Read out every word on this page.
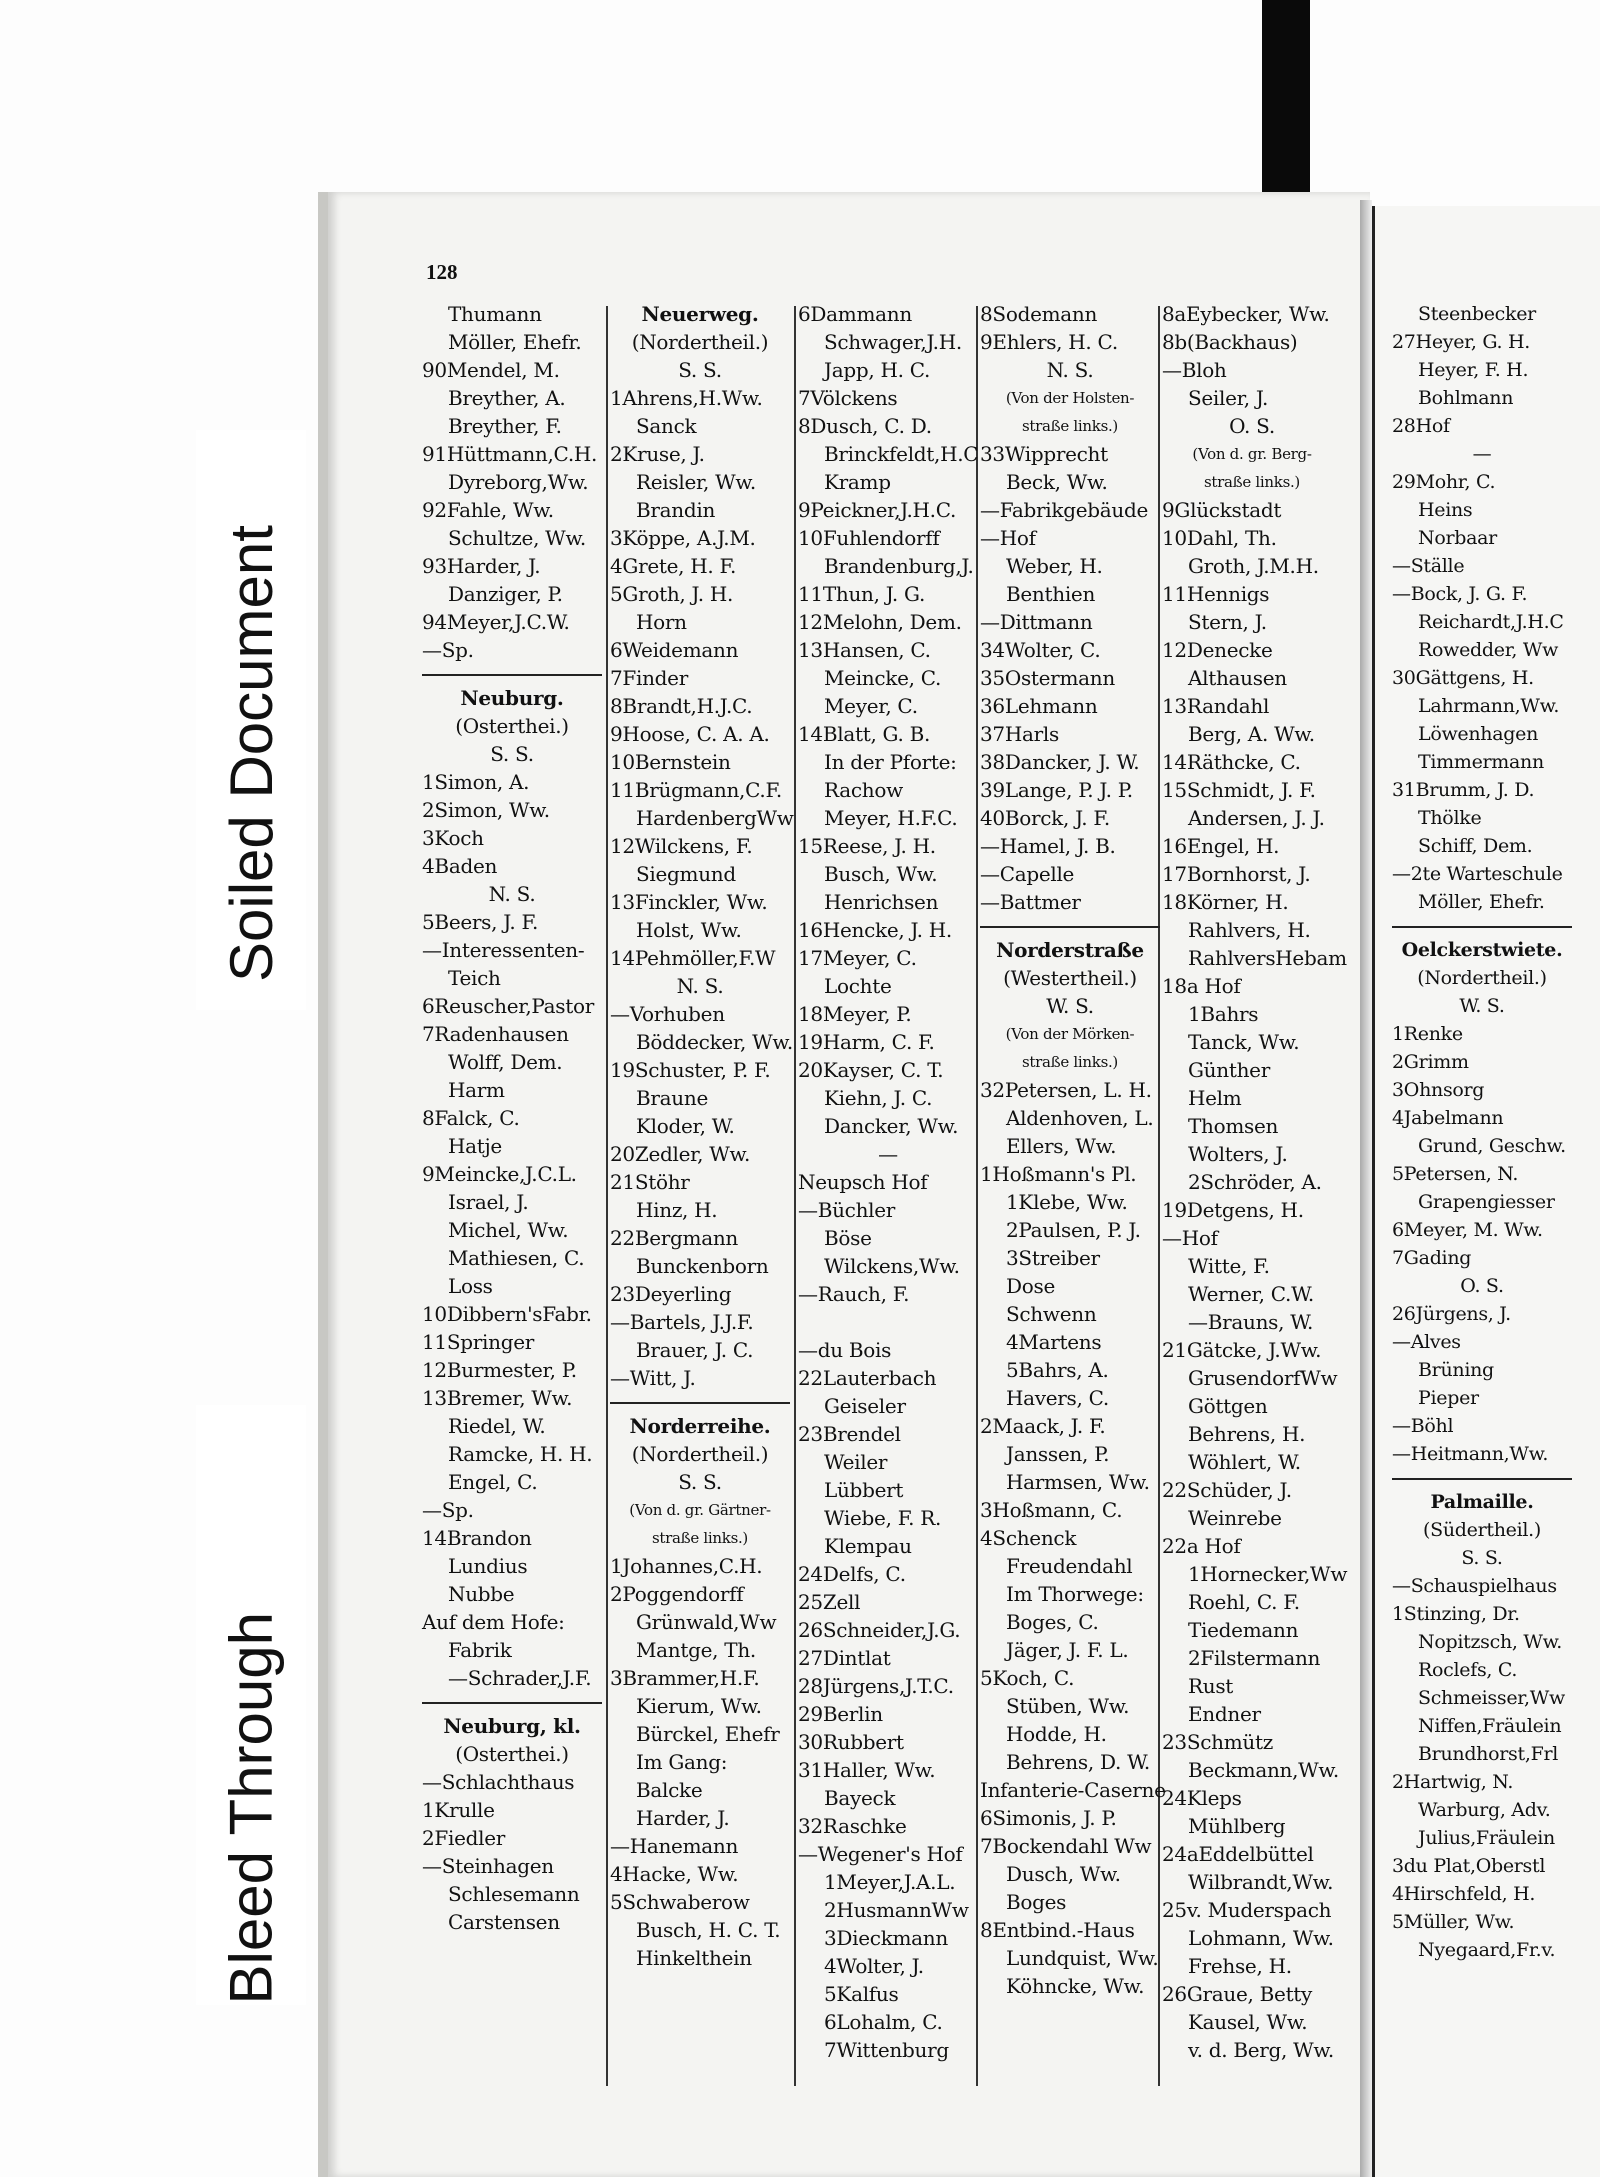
Soiled Document
Bleed Through
128
Thumann
Möller, Ehefr.
90Mendel, M.
Breyther, A.
Breyther, F.
91Hüttmann,C.H.
Dyreborg,Ww.
92Fahle, Ww.
Schultze, Ww.
93Harder, J.
Danziger, P.
94Meyer,J.C.W.
—Sp.
Neuburg.
(Osterthei.)
S. S.
1Simon, A.
2Simon, Ww.
3Koch
4Baden
N. S.
5Beers, J. F.
—Interessenten-
Teich
6Reuscher,Pastor
7Radenhausen
Wolff, Dem.
Harm
8Falck, C.
Hatje
9Meincke,J.C.L.
Israel, J.
Michel, Ww.
Mathiesen, C.
Loss
10Dibbern'sFabr.
11Springer
12Burmester, P.
13Bremer, Ww.
Riedel, W.
Ramcke, H. H.
Engel, C.
—Sp.
14Brandon
Lundius
Nubbe
Auf dem Hofe:
Fabrik
—Schrader,J.F.
Neuburg, kl.
(Osterthei.)
—Schlachthaus
1Krulle
2Fiedler
—Steinhagen
Schlesemann
Carstensen
Neuerweg.
(Nordertheil.)
S. S.
1Ahrens,H.Ww.
Sanck
2Kruse, J.
Reisler, Ww.
Brandin
3Köppe, A.J.M.
4Grete, H. F.
5Groth, J. H.
Horn
6Weidemann
7Finder
8Brandt,H.J.C.
9Hoose, C. A. A.
10Bernstein
11Brügmann,C.F.
HardenbergWw
12Wilckens, F.
Siegmund
13Finckler, Ww.
Holst, Ww.
14Pehmöller,F.W
N. S.
—Vorhuben
Böddecker, Ww.
19Schuster, P. F.
Braune
Kloder, W.
20Zedler, Ww.
21Stöhr
Hinz, H.
22Bergmann
Bunckenborn
23Deyerling
—Bartels, J.J.F.
Brauer, J. C.
—Witt, J.
Norderreihe.
(Nordertheil.)
S. S.
(Von d. gr. Gärtner-
straße links.)
1Johannes,C.H.
2Poggendorff
Grünwald,Ww
Mantge, Th.
3Brammer,H.F.
Kierum, Ww.
Bürckel, Ehefr
Im Gang:
Balcke
Harder, J.
—Hanemann
4Hacke, Ww.
5Schwaberow
Busch, H. C. T.
Hinkelthein
6Dammann
Schwager,J.H.
Japp, H. C.
7Völckens
8Dusch, C. D.
Brinckfeldt,H.C
Kramp
9Peickner,J.H.C.
10Fuhlendorff
Brandenburg,J.
11Thun, J. G.
12Melohn, Dem.
13Hansen, C.
Meincke, C.
Meyer, C.
14Blatt, G. B.
In der Pforte:
Rachow
Meyer, H.F.C.
15Reese, J. H.
Busch, Ww.
Henrichsen
16Hencke, J. H.
17Meyer, C.
Lochte
18Meyer, P.
19Harm, C. F.
20Kayser, C. T.
Kiehn, J. C.
Dancker, Ww.
—
Neupsch Hof
—Büchler
Böse
Wilckens,Ww.
—Rauch, F.
—du Bois
22Lauterbach
Geiseler
23Brendel
Weiler
Lübbert
Wiebe, F. R.
Klempau
24Delfs, C.
25Zell
26Schneider,J.G.
27Dintlat
28Jürgens,J.T.C.
29Berlin
30Rubbert
31Haller, Ww.
Bayeck
32Raschke
—Wegener's Hof
1Meyer,J.A.L.
2HusmannWw
3Dieckmann
4Wolter, J.
5Kalfus
6Lohalm, C.
7Wittenburg
8Sodemann
9Ehlers, H. C.
N. S.
(Von der Holsten-
straße links.)
33Wipprecht
Beck, Ww.
—Fabrikgebäude
—Hof
Weber, H.
Benthien
—Dittmann
34Wolter, C.
35Ostermann
36Lehmann
37Harls
38Dancker, J. W.
39Lange, P. J. P.
40Borck, J. F.
—Hamel, J. B.
—Capelle
—Battmer
Norderstraße
(Westertheil.)
W. S.
(Von der Mörken-
straße links.)
32Petersen, L. H.
Aldenhoven, L.
Ellers, Ww.
1Hoßmann's Pl.
1Klebe, Ww.
2Paulsen, P. J.
3Streiber
Dose
Schwenn
4Martens
5Bahrs, A.
Havers, C.
2Maack, J. F.
Janssen, P.
Harmsen, Ww.
3Hoßmann, C.
4Schenck
Freudendahl
Im Thorwege:
Boges, C.
Jäger, J. F. L.
5Koch, C.
Stüben, Ww.
Hodde, H.
Behrens, D. W.
Infanterie-Caserne
6Simonis, J. P.
7Bockendahl Ww
Dusch, Ww.
Boges
8Entbind.-Haus
Lundquist, Ww.
Köhncke, Ww.
8aEybecker, Ww.
8b(Backhaus)
—Bloh
Seiler, J.
O. S.
(Von d. gr. Berg-
straße links.)
9Glückstadt
10Dahl, Th.
Groth, J.M.H.
11Hennigs
Stern, J.
12Denecke
Althausen
13Randahl
Berg, A. Ww.
14Räthcke, C.
15Schmidt, J. F.
Andersen, J. J.
16Engel, H.
17Bornhorst, J.
18Körner, H.
Rahlvers, H.
RahlversHebam
18a Hof
1Bahrs
Tanck, Ww.
Günther
Helm
Thomsen
Wolters, J.
2Schröder, A.
19Detgens, H.
—Hof
Witte, F.
Werner, C.W.
—Brauns, W.
21Gätcke, J.Ww.
GrusendorfWw
Göttgen
Behrens, H.
Wöhlert, W.
22Schüder, J.
Weinrebe
22a Hof
1Hornecker,Ww
Roehl, C. F.
Tiedemann
2Filstermann
Rust
Endner
23Schmütz
Beckmann,Ww.
24Kleps
Mühlberg
24aEddelbüttel
Wilbrandt,Ww.
25v. Muderspach
Lohmann, Ww.
Frehse, H.
26Graue, Betty
Kausel, Ww.
v. d. Berg, Ww.
Steenbecker
27Heyer, G. H.
Heyer, F. H.
Bohlmann
28Hof
—
29Mohr, C.
Heins
Norbaar
—Ställe
—Bock, J. G. F.
Reichardt,J.H.C
Rowedder, Ww
30Gättgens, H.
Lahrmann,Ww.
Löwenhagen
Timmermann
31Brumm, J. D.
Thölke
Schiff, Dem.
—2te Warteschule
Möller, Ehefr.
Oelckerstwiete.
(Nordertheil.)
W. S.
1Renke
2Grimm
3Ohnsorg
4Jabelmann
Grund, Geschw.
5Petersen, N.
Grapengiesser
6Meyer, M. Ww.
7Gading
O. S.
26Jürgens, J.
—Alves
Brüning
Pieper
—Böhl
—Heitmann,Ww.
Palmaille.
(Südertheil.)
S. S.
—Schauspielhaus
1Stinzing, Dr.
Nopitzsch, Ww.
Roclefs, C.
Schmeisser,Ww
Niffen,Fräulein
Brundhorst,Frl
2Hartwig, N.
Warburg, Adv.
Julius,Fräulein
3du Plat,Oberstl
4Hirschfeld, H.
5Müller, Ww.
Nyegaard,Fr.v.
